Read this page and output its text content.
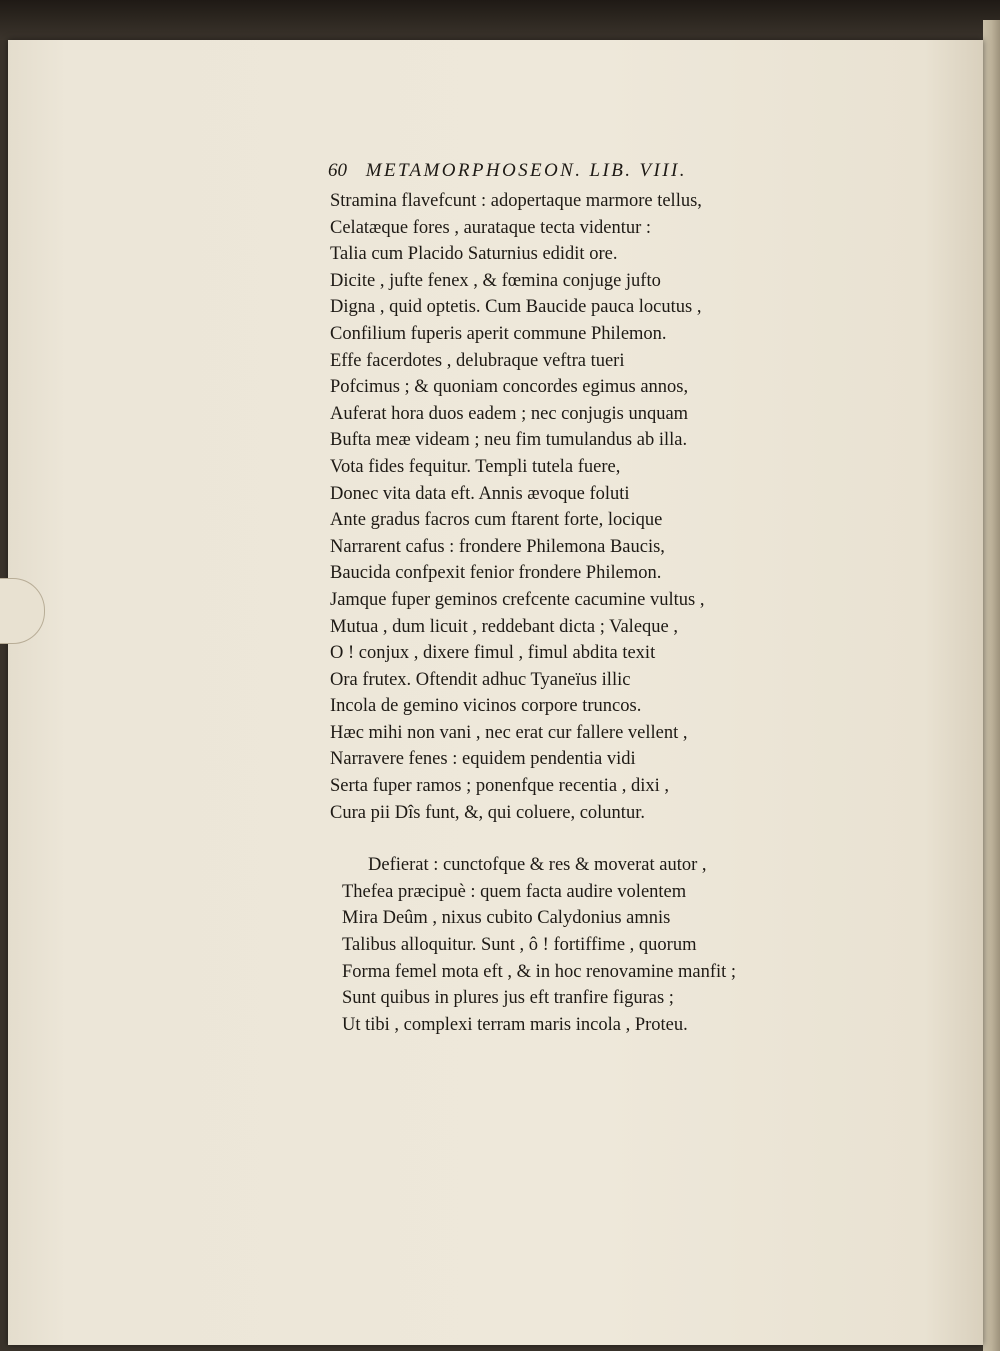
60 METAMORPHOSEON. LIB. VIII.
Stramina flavefcunt : adopertaque marmore tellus,
Celatæque fores , aurataque tecta videntur :
Talia cum Placido Saturnius edidit ore.
Dicite , jufte fenex , & fœmina conjuge jufto
Digna , quid optetis. Cum Baucide pauca locutus ,
Confilium fuperis aperit commune Philemon.
Effe facerdotes , delubraque veftra tueri
Pofcimus ; & quoniam concordes egimus annos,
Auferat hora duos eadem ; nec conjugis unquam
Bufta meæ videam ; neu fim tumulandus ab illa.
Vota fides fequitur. Templi tutela fuere,
Donec vita data eft. Annis ævoque foluti
Ante gradus facros cum ftarent forte, locique
Narrarent cafus : frondere Philemona Baucis,
Baucida confpexit fenior frondere Philemon.
Jamque fuper geminos crefcente cacumine vultus ,
Mutua , dum licuit , reddebant dicta ; Valeque ,
O ! conjux , dixere fimul , fimul abdita texit
Ora frutex. Oftendit adhuc Tyaneïus illic
Incola de gemino vicinos corpore truncos.
Hæc mihi non vani , nec erat cur fallere vellent ,
Narravere fenes : equidem pendentia vidi
Serta fuper ramos ; ponenfque recentia , dixi ,
Cura pii Dîs funt, &, qui coluere, coluntur.
Defierat : cunctofque & res & moverat autor ,
Thefea præcipuè : quem facta audire volentem
Mira Deûm , nixus cubito Calydonius amnis
Talibus alloquitur. Sunt , ô ! fortiffime , quorum
Forma femel mota eft , & in hoc renovamine manfit ;
Sunt quibus in plures jus eft tranfire figuras ;
Ut tibi , complexi terram maris incola , Proteu.
